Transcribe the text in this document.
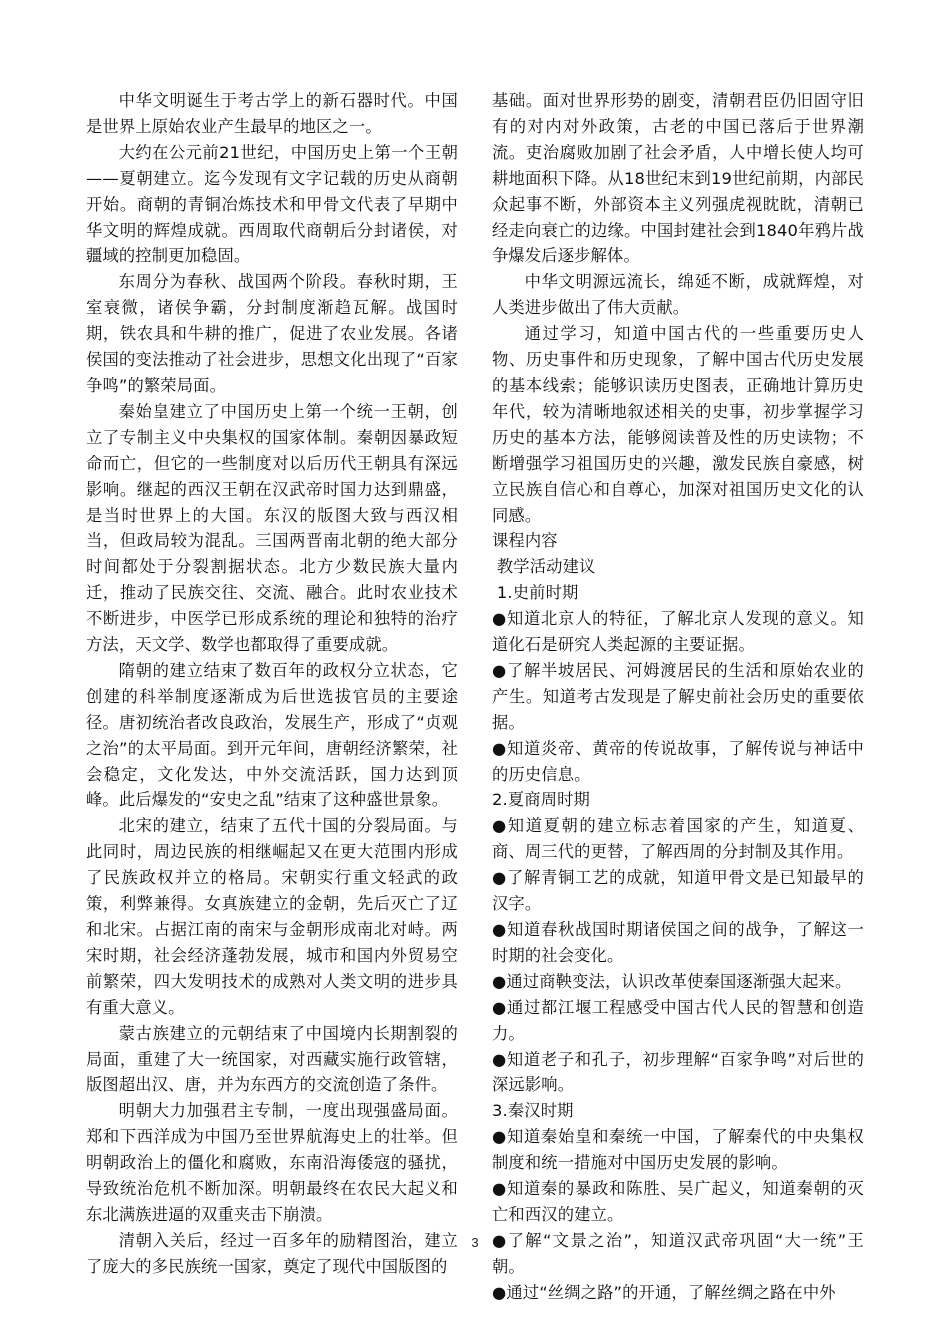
中华文明诞生于考古学上的新石器时代。中国是世界上原始农业产生最早的地区之一。

大约在公元前21世纪，中国历史上第一个王朝——夏朝建立。迄今发现有文字记载的历史从商朝开始。商朝的青铜冶炼技术和甲骨文代表了早期中华文明的辉煌成就。西周取代商朝后分封诸侯，对疆域的控制更加稳固。

东周分为春秋、战国两个阶段。春秋时期，王室衰微，诸侯争霸，分封制度渐趋瓦解。战国时期，铁农具和牛耕的推广，促进了农业发展。各诸侯国的变法推动了社会进步，思想文化出现了“百家争鸣”的繁荣局面。

秦始皇建立了中国历史上第一个统一王朝，创立了专制主义中央集权的国家体制。秦朝因暴政短命而亡，但它的一些制度对以后历代王朝具有深远影响。继起的西汉王朝在汉武帝时国力达到鼎盛，是当时世界上的大国。东汉的版图大致与西汉相当，但政局较为混乱。三国两晋南北朝的绝大部分时间都处于分裂割据状态。北方少数民族大量内迁，推动了民族交往、交流、融合。此时农业技术不断进步，中医学已形成系统的理论和独特的治疗方法，天文学、数学也都取得了重要成就。

隋朝的建立结束了数百年的政权分立状态，它创建的科举制度逐渐成为后世选拔官员的主要途径。唐初统治者改良政治，发展生产，形成了“贞观之治”的太平局面。到开元年间，唐朝经济繁荣，社会稳定，文化发达，中外交流活跃，国力达到顶峰。此后爆发的“安史之乱”结束了这种盛世景象。

北宋的建立，结束了五代十国的分裂局面。与此同时，周边民族的相继崛起又在更大范围内形成了民族政权并立的格局。宋朝实行重文轻武的政策，利弊兼得。女真族建立的金朝，先后灭亡了辽和北宋。占据江南的南宋与金朝形成南北对峙。两宋时期，社会经济蓬勃发展，城市和国内外贸易空前繁荣，四大发明技术的成熟对人类文明的进步具有重大意义。

蒙古族建立的元朝结束了中国境内长期割裂的局面，重建了大一统国家，对西藏实施行政管辖，版图超出汉、唐，并为东西方的交流创造了条件。

明朝大力加强君主专制，一度出现强盛局面。郑和下西洋成为中国乃至世界航海史上的壮举。但明朝政治上的僵化和腐败，东南沿海倭寇的骚扰，导致统治危机不断加深。明朝最终在农民大起义和东北满族进逼的双重夹击下崩溃。

清朝入关后，经过一百多年的励精图治，建立了庞大的多民族统一国家，奠定了现代中国版图的

基础。面对世界形势的剧变，清朝君臣仍旧固守旧有的对内对外政策，古老的中国已落后于世界潮流。吏治腐败加剧了社会矛盾，人中增长使人均可耕地面积下降。从18世纪末到19世纪前期，内部民众起事不断，外部资本主义列强虎视眈眈，清朝已经走向衰亡的边缘。中国封建社会到1840年鸦片战争爆发后逐步解体。

中华文明源远流长，绵延不断，成就辉煌，对人类进步做出了伟大贡献。

通过学习，知道中国古代的一些重要历史人物、历史事件和历史现象，了解中国古代历史发展的基本线索；能够识读历史图表，正确地计算历史年代，较为清晰地叙述相关的史事，初步掌握学习历史的基本方法，能够阅读普及性的历史读物；不断增强学习祖国历史的兴趣，激发民族自豪感，树立民族自信心和自尊心，加深对祖国历史文化的认同感。

课程内容

教学活动建议

1.史前时期

●知道北京人的特征，了解北京人发现的意义。知道化石是研究人类起源的主要证据。

●了解半坡居民、河姆渡居民的生活和原始农业的产生。知道考古发现是了解史前社会历史的重要依据。

●知道炎帝、黄帝的传说故事，了解传说与神话中的历史信息。

2.夏商周时期

●知道夏朝的建立标志着国家的产生，知道夏、商、周三代的更替，了解西周的分封制及其作用。

●了解青铜工艺的成就，知道甲骨文是已知最早的汉字。

●知道春秋战国时期诸侯国之间的战争，了解这一时期的社会变化。

●通过商鞅变法，认识改革使秦国逐渐强大起来。

●通过都江堰工程感受中国古代人民的智慧和创造力。

●知道老子和孔子，初步理解“百家争鸣”对后世的深远影响。

3.秦汉时期

●知道秦始皇和秦统一中国，了解秦代的中央集权制度和统一措施对中国历史发展的影响。

●知道秦的暴政和陈胜、吴广起义，知道秦朝的灭亡和西汉的建立。

●了解“文景之治”，知道汉武帝巩固“大一统”王朝。

●通过“丝绸之路”的开通，了解丝绸之路在中外

3
